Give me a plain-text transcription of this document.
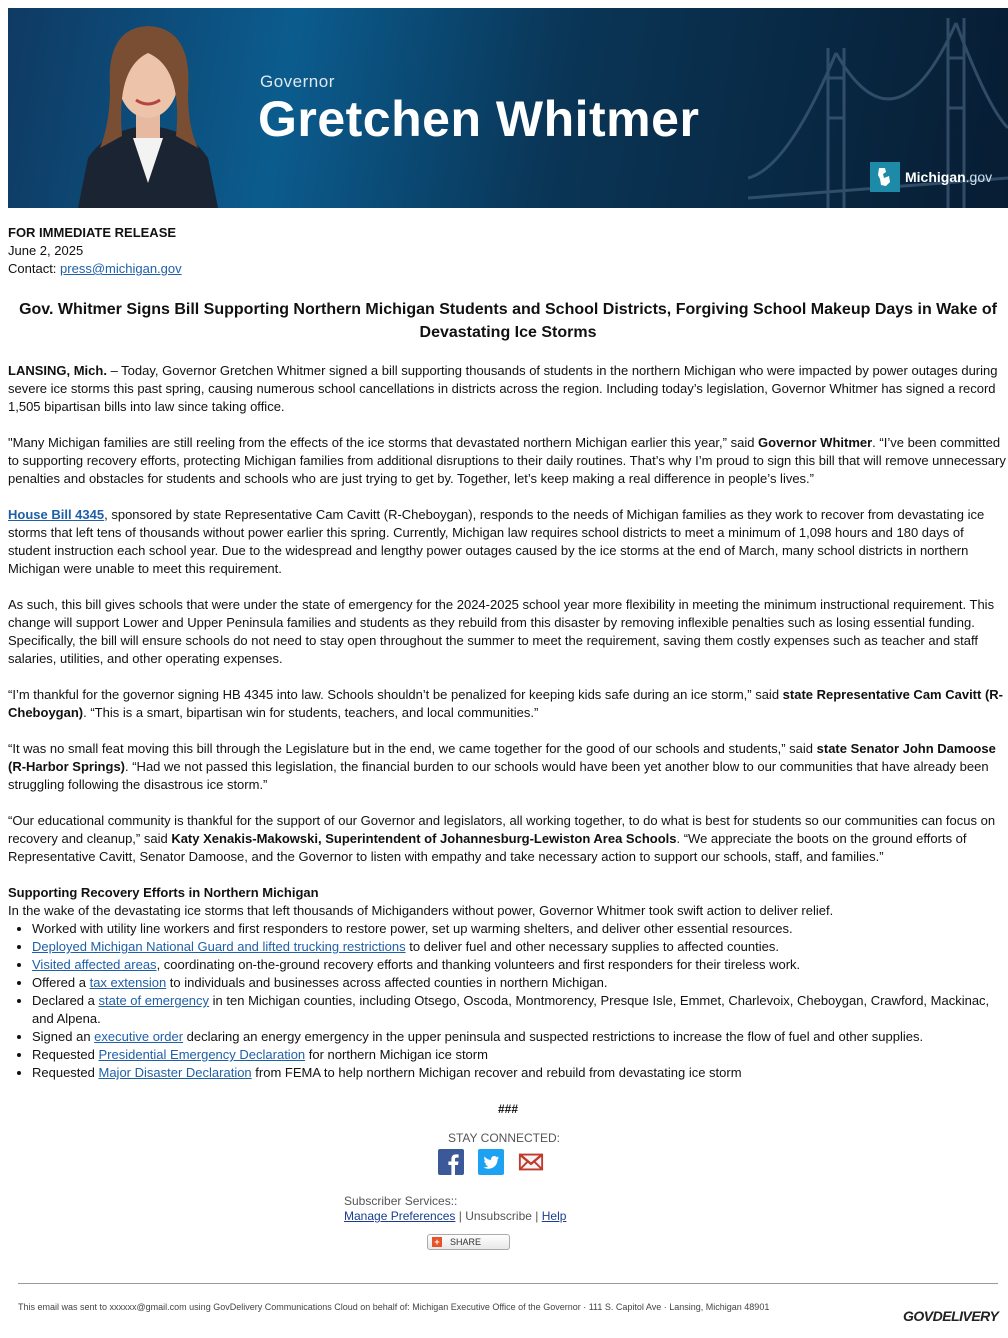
Governor
Gretchen Whitmer
Michigan.gov
FOR IMMEDIATE RELEASE
June 2, 2025
Contact: press@michigan.gov
Gov. Whitmer Signs Bill Supporting Northern Michigan Students and School Districts, Forgiving School Makeup Days in Wake of Devastating Ice Storms

LANSING, Mich. – Today, Governor Gretchen Whitmer signed a bill supporting thousands of students in the northern Michigan who were impacted by power outages during severe ice storms this past spring, causing numerous school cancellations in districts across the region. Including today’s legislation, Governor Whitmer has signed a record 1,505 bipartisan bills into law since taking office.

"Many Michigan families are still reeling from the effects of the ice storms that devastated northern Michigan earlier this year,” said Governor Whitmer. “I’ve been committed to supporting recovery efforts, protecting Michigan families from additional disruptions to their daily routines. That’s why I’m proud to sign this bill that will remove unnecessary penalties and obstacles for students and schools who are just trying to get by. Together, let’s keep making a real difference in people’s lives.”

House Bill 4345, sponsored by state Representative Cam Cavitt (R-Cheboygan), responds to the needs of Michigan families as they work to recover from devastating ice storms that left tens of thousands without power earlier this spring. Currently, Michigan law requires school districts to meet a minimum of 1,098 hours and 180 days of student instruction each school year. Due to the widespread and lengthy power outages caused by the ice storms at the end of March, many school districts in northern Michigan were unable to meet this requirement.

As such, this bill gives schools that were under the state of emergency for the 2024-2025 school year more flexibility in meeting the minimum instructional requirement. This change will support Lower and Upper Peninsula families and students as they rebuild from this disaster by removing inflexible penalties such as losing essential funding. Specifically, the bill will ensure schools do not need to stay open throughout the summer to meet the requirement, saving them costly expenses such as teacher and staff salaries, utilities, and other operating expenses.

“I’m thankful for the governor signing HB 4345 into law. Schools shouldn’t be penalized for keeping kids safe during an ice storm,” said state Representative Cam Cavitt (R-Cheboygan). “This is a smart, bipartisan win for students, teachers, and local communities.”

“It was no small feat moving this bill through the Legislature but in the end, we came together for the good of our schools and students,” said state Senator John Damoose (R-Harbor Springs). “Had we not passed this legislation, the financial burden to our schools would have been yet another blow to our communities that have already been struggling following the disastrous ice storm.”

“Our educational community is thankful for the support of our Governor and legislators, all working together, to do what is best for students so our communities can focus on recovery and cleanup,” said Katy Xenakis-Makowski, Superintendent of Johannesburg-Lewiston Area Schools. “We appreciate the boots on the ground efforts of Representative Cavitt, Senator Damoose, and the Governor to listen with empathy and take necessary action to support our schools, staff, and families.”

Supporting Recovery Efforts in Northern Michigan
In the wake of the devastating ice storms that left thousands of Michiganders without power, Governor Whitmer took swift action to deliver relief.
• Worked with utility line workers and first responders to restore power, set up warming shelters, and deliver other essential resources.
• Deployed Michigan National Guard and lifted trucking restrictions to deliver fuel and other necessary supplies to affected counties.
• Visited affected areas, coordinating on-the-ground recovery efforts and thanking volunteers and first responders for their tireless work.
• Offered a tax extension to individuals and businesses across affected counties in northern Michigan.
• Declared a state of emergency in ten Michigan counties, including Otsego, Oscoda, Montmorency, Presque Isle, Emmet, Charlevoix, Cheboygan, Crawford, Mackinac, and Alpena.
• Signed an executive order declaring an energy emergency in the upper peninsula and suspected restrictions to increase the flow of fuel and other supplies.
• Requested Presidential Emergency Declaration for northern Michigan ice storm
• Requested Major Disaster Declaration from FEMA to help northern Michigan recover and rebuild from devastating ice storm
###
STAY CONNECTED:
Subscriber Services::
Manage Preferences | Unsubscribe | Help
+ SHARE
This email was sent to xxxxxx@gmail.com using GovDelivery Communications Cloud on behalf of: Michigan Executive Office of the Governor · 111 S. Capitol Ave · Lansing, Michigan 48901
GOVDELIVERY
